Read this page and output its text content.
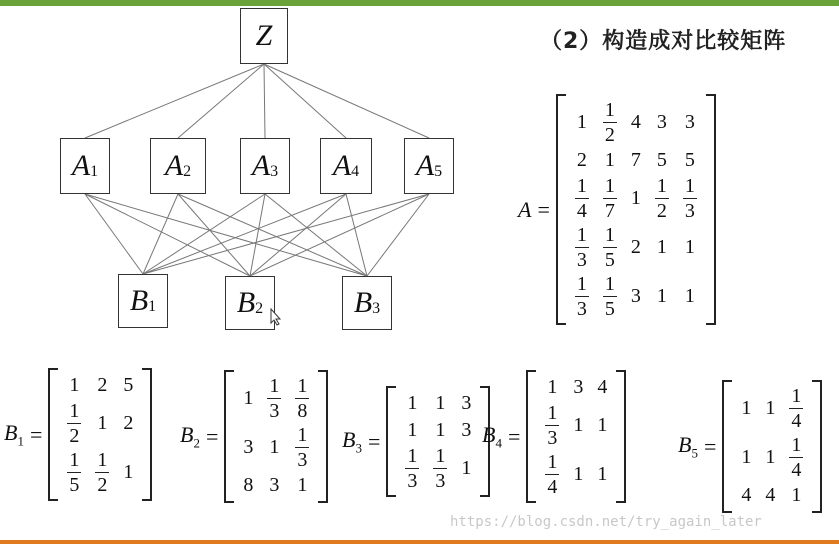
（2）构造成对比较矩阵
Z
$A_1$ $A_2$ $A_3$ $A_4$ $A_5$
$B_1$	$B_2$	$B_3$
A =
1	$\frac{1}{2}$	4	3	3
2	1	7	5	5

$\frac{1}{4}$	$\frac{1}{7}$	1	$\frac{1}{2}$	$\frac{1}{3}$

$\frac{1}{3}$	$\frac{1}{5}$	2	1	1

$\frac{1}{3}$	$\frac{1}{5}$	3	1	1
$B_1$ =
1	2	5

$\frac{1}{2}$	1	2

$\frac{1}{5}$	$\frac{1}{2}$	1
$B_2$ =
1	$\frac{1}{3}$	$\frac{1}{8}$

3	1	$\frac{1}{3}$

8	3	1
$B_3$ =
1	1	3
1	1	3

$\frac{1}{3}$	$\frac{1}{3}$	1
$B_4$ =
1	3	4

$\frac{1}{3}$	1	1

$\frac{1}{4}$	1	1
$B_5$ =
1	1	$\frac{1}{4}$

1	1	$\frac{1}{4}$

4	4	1
https://blog.csdn.net/try_again_later
